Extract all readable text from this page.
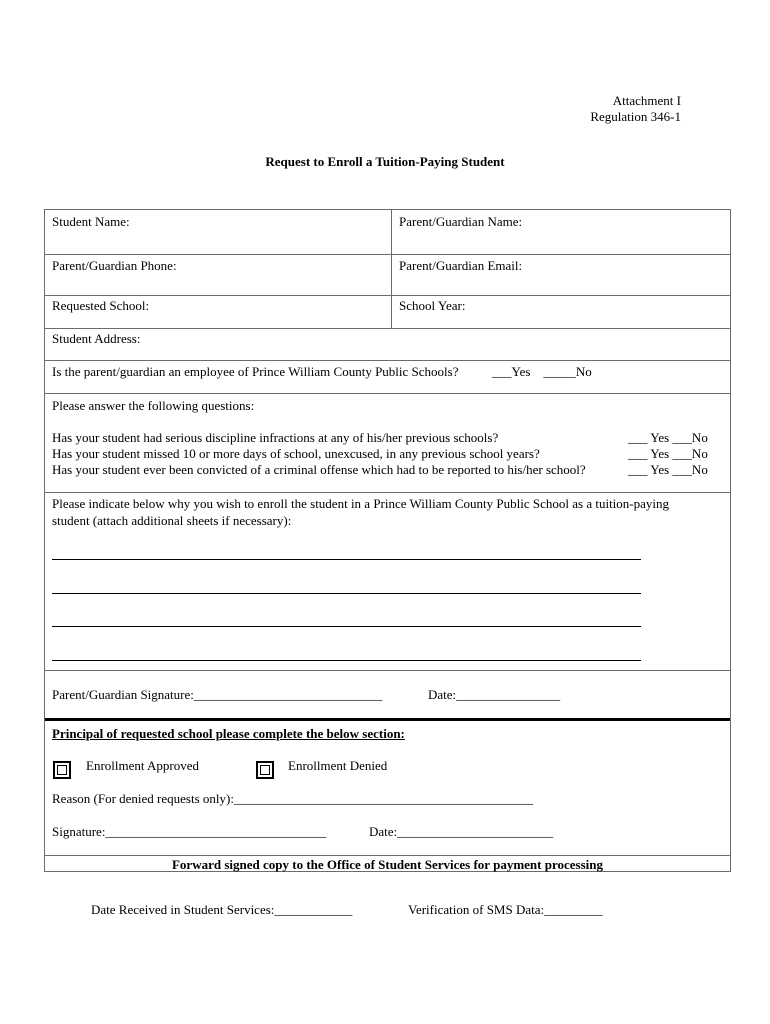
Attachment I
Regulation 346-1
Request to Enroll a Tuition-Paying Student
Student Name:	Parent/Guardian Name:
Parent/Guardian Phone:	Parent/Guardian Email:
Requested School:	School Year:
Student Address:
Is the parent/guardian an employee of Prince William County Public Schools?	___Yes    _____No
Please answer the following questions:
Has your student had serious discipline infractions at any of his/her previous schools?	___ Yes ___No
Has your student missed 10 or more days of school, unexcused, in any previous school years?	___ Yes ___No
Has your student ever been convicted of a criminal offense which had to be reported to his/her school?	___ Yes ___No
Please indicate below why you wish to enroll the student in a Prince William County Public School as a tuition-paying
student (attach additional sheets if necessary):
Parent/Guardian Signature:_____________________________	Date:________________
Principal of requested school please complete the below section:
Enrollment Approved	Enrollment Denied
Reason (For denied requests only):______________________________________________
Signature:__________________________________	Date:________________________
Forward signed copy to the Office of Student Services for payment processing
Date Received in Student Services:____________	Verification of SMS Data:_________
